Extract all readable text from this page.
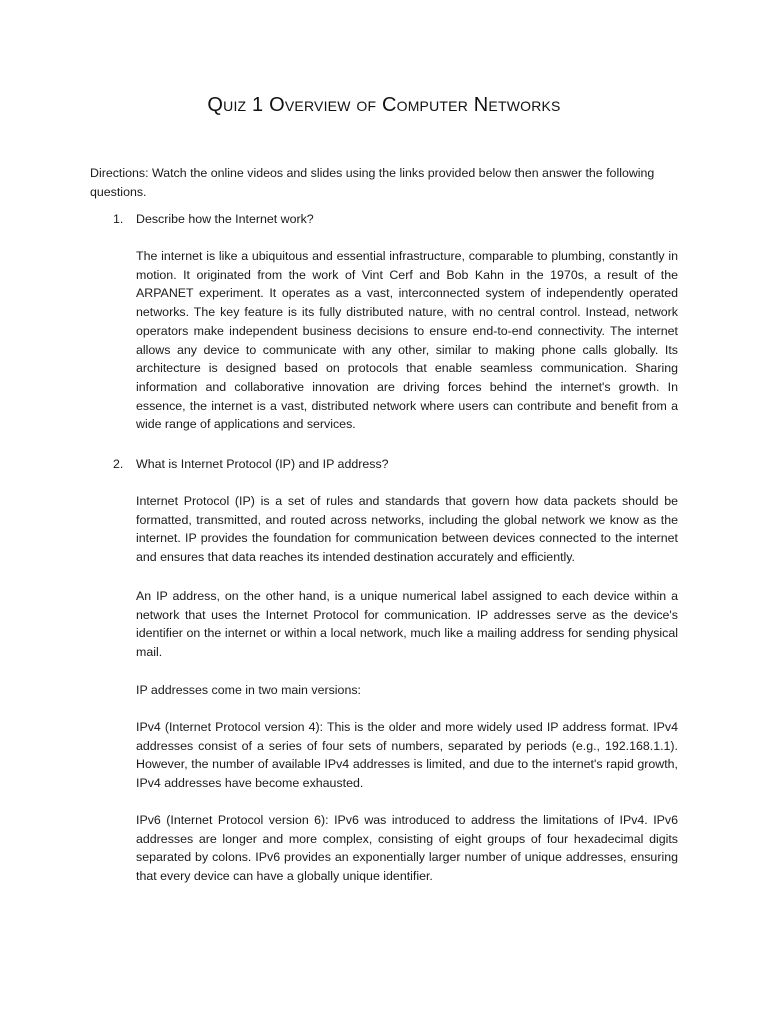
Quiz 1 Overview of Computer Networks
Directions: Watch the online videos and slides using the links provided below then answer the following questions.
1.	Describe how the Internet work?
The internet is like a ubiquitous and essential infrastructure, comparable to plumbing, constantly in motion. It originated from the work of Vint Cerf and Bob Kahn in the 1970s, a result of the ARPANET experiment. It operates as a vast, interconnected system of independently operated networks. The key feature is its fully distributed nature, with no central control. Instead, network operators make independent business decisions to ensure end-to-end connectivity. The internet allows any device to communicate with any other, similar to making phone calls globally. Its architecture is designed based on protocols that enable seamless communication. Sharing information and collaborative innovation are driving forces behind the internet's growth. In essence, the internet is a vast, distributed network where users can contribute and benefit from a wide range of applications and services.
2.	What is Internet Protocol (IP) and IP address?
Internet Protocol (IP) is a set of rules and standards that govern how data packets should be formatted, transmitted, and routed across networks, including the global network we know as the internet. IP provides the foundation for communication between devices connected to the internet and ensures that data reaches its intended destination accurately and efficiently.
An IP address, on the other hand, is a unique numerical label assigned to each device within a network that uses the Internet Protocol for communication. IP addresses serve as the device's identifier on the internet or within a local network, much like a mailing address for sending physical mail.
IP addresses come in two main versions:
IPv4 (Internet Protocol version 4): This is the older and more widely used IP address format. IPv4 addresses consist of a series of four sets of numbers, separated by periods (e.g., 192.168.1.1). However, the number of available IPv4 addresses is limited, and due to the internet's rapid growth, IPv4 addresses have become exhausted.
IPv6 (Internet Protocol version 6): IPv6 was introduced to address the limitations of IPv4. IPv6 addresses are longer and more complex, consisting of eight groups of four hexadecimal digits separated by colons. IPv6 provides an exponentially larger number of unique addresses, ensuring that every device can have a globally unique identifier.
